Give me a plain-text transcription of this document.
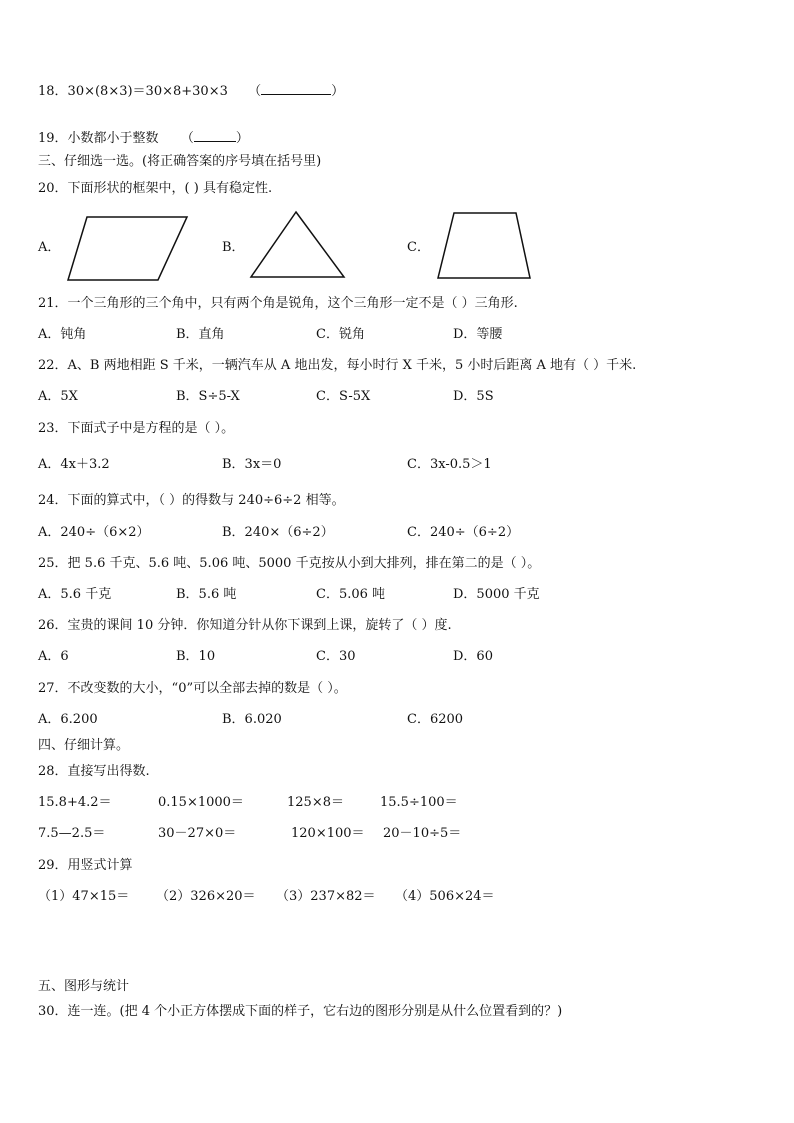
18．30×(8×3)＝30×8+30×3 （	）
19．小数都小于整数 （	）
三、仔细选一选。(将正确答案的序号填在括号里)
20．下面形状的框架中，( ) 具有稳定性.
A．	B．	C．
21．一个三角形的三个角中，只有两个角是锐角，这个三角形一定不是（ ）三角形.
A．钝角	B．直角	C．锐角	D．等腰
22．A、B 两地相距 S 千米，一辆汽车从 A 地出发，每小时行 X 千米，5 小时后距离 A 地有（ ）千米.
A．5X	B．S÷5-X	C．S-5X	D．5S
23．下面式子中是方程的是（ ）。
A．4x＋3.2	B．3x＝0	C．3x-0.5＞1
24．下面的算式中，（ ）的得数与 240÷6÷2 相等。
A．240÷（6×2）	B．240×（6÷2）	C．240÷（6÷2）
25．把 5.6 千克、5.6 吨、5.06 吨、5000 千克按从小到大排列，排在第二的是（ ）。
A．5.6 千克	B．5.6 吨	C．5.06 吨	D．5000 千克
26．宝贵的课间 10 分钟．你知道分针从你下课到上课，旋转了（ ）度.
A．6	B．10	C．30	D．60
27．不改变数的大小，“0”可以全部去掉的数是（ ）。
A．6.200	B．6.020	C．6200
四、仔细计算。
28．直接写出得数.
15.8+4.2＝	0.15×1000＝	125×8＝	15.5÷100＝
7.5—2.5＝	30－27×0＝	120×100＝ 20－10÷5＝
29．用竖式计算
（1）47×15＝ （2）326×20＝ （3）237×82＝ （4）506×24＝
五、图形与统计
30．连一连。(把 4 个小正方体摆成下面的样子，它右边的图形分别是从什么位置看到的？)
